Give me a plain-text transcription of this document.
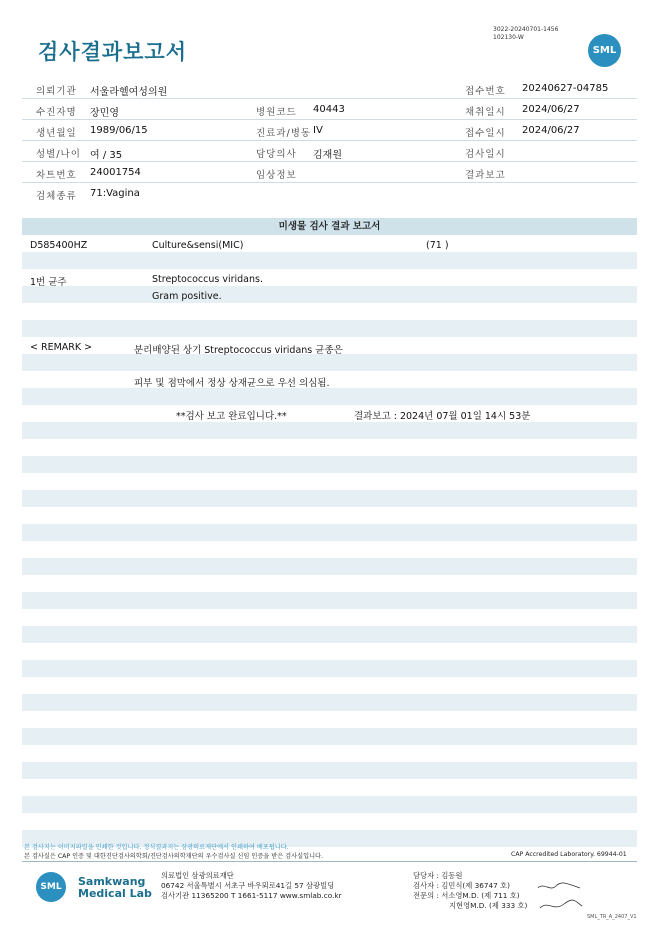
검사결과보고서
3022-20240701-1456
102130-W
SML
의뢰기관 서울라헬여성의원	접수번호 20240627-04785
수진자명 장민영	병원코드 40443	채취일시 2024/06/27
생년월일 1989/06/15	진료과/병동 IV	접수일시 2024/06/27
성별/나이 여 / 35	담당의사 김재원	검사일시
차트번호 24001754	임상정보	결과보고
검체종류 71:Vagina
미생물 검사 결과 보고서
D585400HZ	Culture&sensi(MIC)	(71 )
1번 균주	Streptococcus viridans.
Gram positive.
< REMARK >	분리배양된 상기 Streptococcus viridans 균종은
피부 및 점막에서 정상 상재균으로 우선 의심됨.
**검사 보고 완료입니다.**	결과보고 : 2024년 07월 01일 14시 53분
본 검사지는 이미지파일을 인쇄한 것입니다. 정식결과지는 삼광의료재단에서 인쇄하여 배포됩니다.
본 검사실은 CAP 인증 및 대한진단검사의학회/진단검사의학재단의 우수검사실 신임 인증을 받은 검사실입니다.	CAP Accredited Laboratory. 69944-01
SML	Samkwang
Medical Lab
의료법인 삼광의료재단
06742 서울특별시 서초구 바우뫼로41길 57 삼광빌딩
검사기관 11365200 T 1661-5117 www.smlab.co.kr
담당자 : 김동원
검사자 : 김민식(제 36747 호)
전문의 : 서소영M.D. (제 711 호)
지현영M.D. (제 333 호)
SML_TR_A_2407_V1
